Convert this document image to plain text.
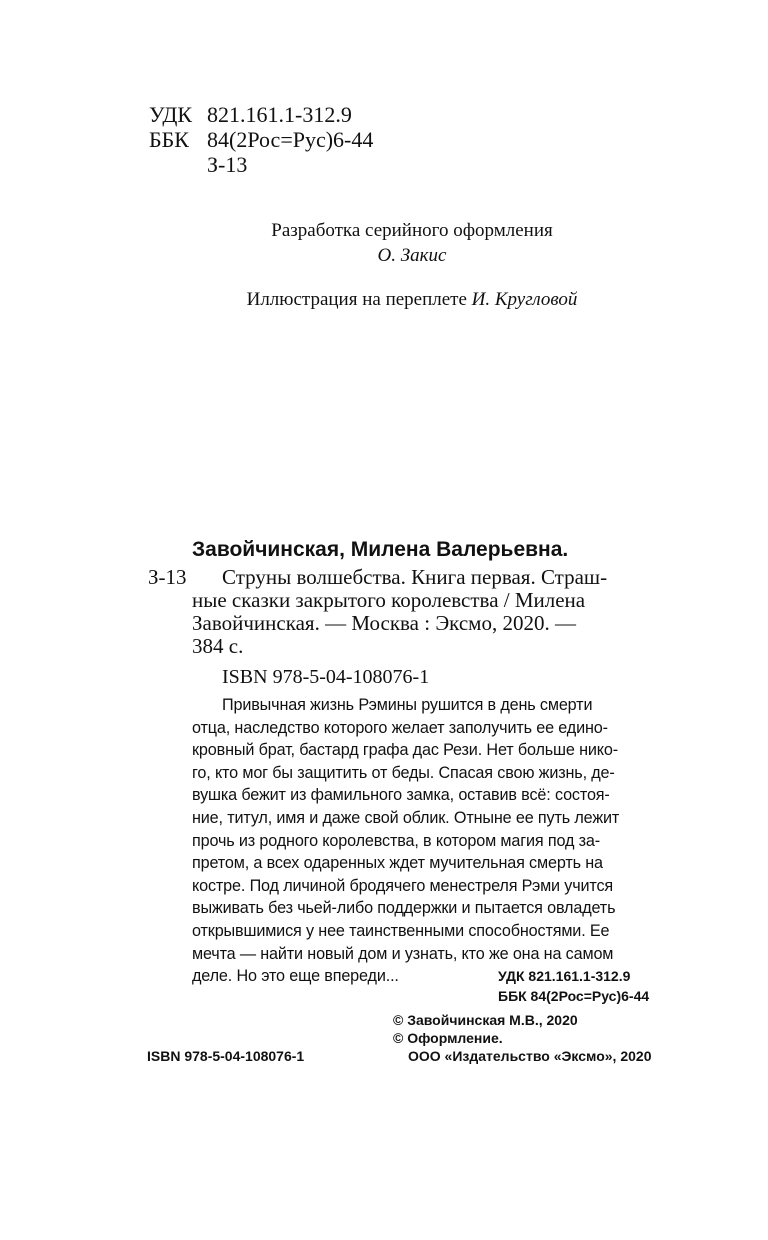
УДК 821.161.1-312.9
ББК 84(2Рос=Рус)6-44
З-13
Разработка серийного оформления
О. Закис
Иллюстрация на переплете И. Кругловой
Завойчинская, Милена Валерьевна.
З-13 Струны волшебства. Книга первая. Страш-
ные сказки закрытого королевства / Милена
Завойчинская. — Москва : Эксмо, 2020. —
384 с.
ISBN 978-5-04-108076-1
Привычная жизнь Рэмины рушится в день смерти
отца, наследство которого желает заполучить ее едино-
кровный брат, бастард графа дас Рези. Нет больше нико-
го, кто мог бы защитить от беды. Спасая свою жизнь, де-
вушка бежит из фамильного замка, оставив всё: состоя-
ние, титул, имя и даже свой облик. Отныне ее путь лежит
прочь из родного королевства, в котором магия под за-
претом, а всех одаренных ждет мучительная смерть на
костре. Под личиной бродячего менестреля Рэми учится
выживать без чьей-либо поддержки и пытается овладеть
открывшимися у нее таинственными способностями. Ее
мечта — найти новый дом и узнать, кто же она на самом
деле. Но это еще впереди...	УДК 821.161.1-312.9
ББК 84(2Рос=Рус)6-44
© Завойчинская М.В., 2020
© Оформление.
ISBN 978-5-04-108076-1	ООО «Издательство «Эксмо», 2020
